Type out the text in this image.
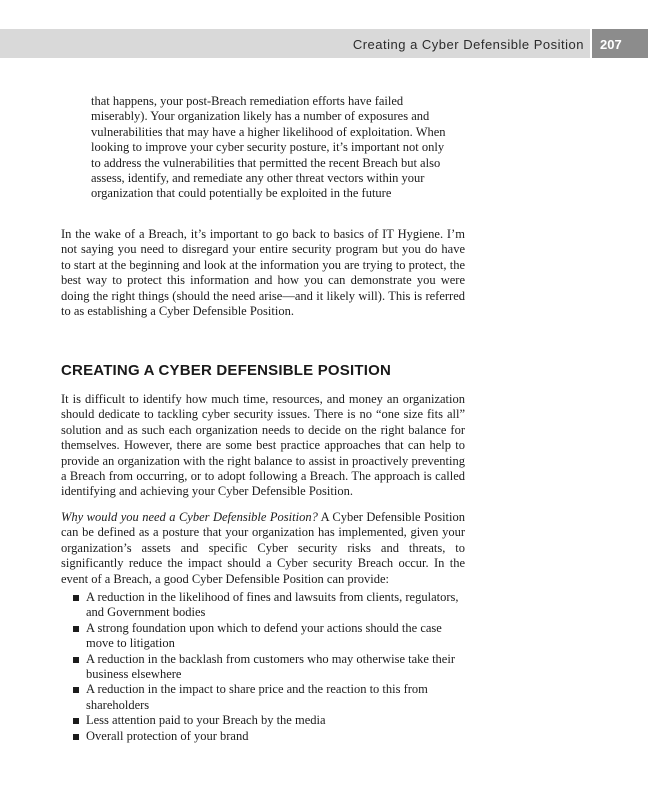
Creating a Cyber Defensible Position 207

that happens, your post-Breach remediation efforts have failed miserably). Your organization likely has a number of exposures and vulnerabilities that may have a higher likelihood of exploitation. When looking to improve your cyber security posture, it’s important not only to address the vulnerabilities that permitted the recent Breach but also assess, identify, and remediate any other threat vectors within your organization that could potentially be exploited in the future

In the wake of a Breach, it’s important to go back to basics of IT Hygiene. I’m not saying you need to disregard your entire security program but you do have to start at the beginning and look at the information you are trying to protect, the best way to protect this information and how you can demonstrate you were doing the right things (should the need arise—and it likely will). This is referred to as establishing a Cyber Defensible Position.

CREATING A CYBER DEFENSIBLE POSITION

It is difficult to identify how much time, resources, and money an organization should dedicate to tackling cyber security issues. There is no “one size fits all” solution and as such each organization needs to decide on the right balance for themselves. However, there are some best practice approaches that can help to provide an organization with the right balance to assist in proactively preventing a Breach from occurring, or to adopt following a Breach. The approach is called identifying and achieving your Cyber Defensible Position.

Why would you need a Cyber Defensible Position? A Cyber Defensible Position can be defined as a posture that your organization has implemented, given your organization’s assets and specific Cyber security risks and threats, to significantly reduce the impact should a Cyber security Breach occur. In the event of a Breach, a good Cyber Defensible Position can provide:

A reduction in the likelihood of fines and lawsuits from clients, regulators, and Government bodies
A strong foundation upon which to defend your actions should the case move to litigation
A reduction in the backlash from customers who may otherwise take their business elsewhere
A reduction in the impact to share price and the reaction to this from shareholders
Less attention paid to your Breach by the media
Overall protection of your brand
